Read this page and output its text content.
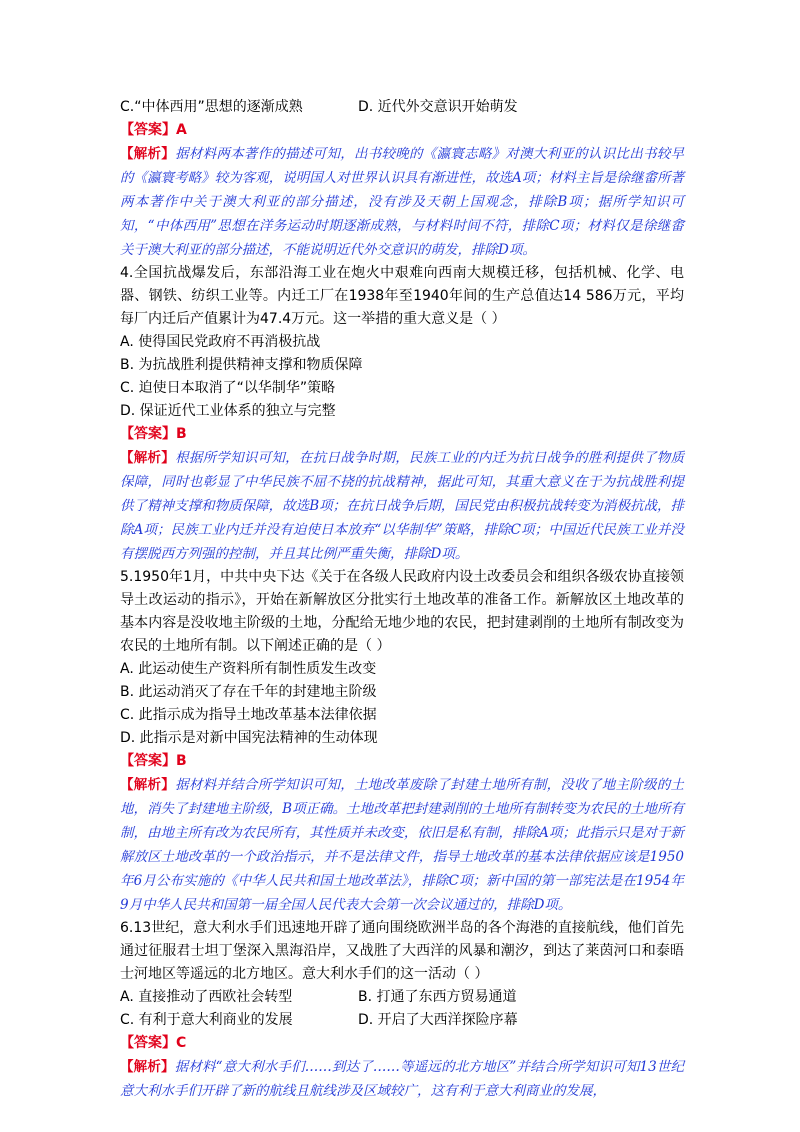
C.“中体西用”思想的逐渐成熟	D. 近代外交意识开始萌发
【答案】A

【解析】据材料两本著作的描述可知，出书较晚的《瀛寰志略》对澳大利亚的认识比出书较早的《瀛寰考略》较为客观，说明国人对世界认识具有渐进性，故选A项；材料主旨是徐继畬所著两本著作中关于澳大利亚的部分描述，没有涉及天朝上国观念，排除B项；据所学知识可知，“中体西用”思想在洋务运动时期逐渐成熟，与材料时间不符，排除C项；材料仅是徐继畬关于澳大利亚的部分描述，不能说明近代外交意识的萌发，排除D项。

4.全国抗战爆发后，东部沿海工业在炮火中艰难向西南大规模迁移，包括机械、化学、电器、钢铁、纺织工业等。内迁工厂在1938年至1940年间的生产总值达14 586万元，平均每厂内迁后产值累计为47.4万元。这一举措的重大意义是（ ）

A. 使得国民党政府不再消极抗战
B. 为抗战胜利提供精神支撑和物质保障
C. 迫使日本取消了“以华制华”策略
D. 保证近代工业体系的独立与完整
【答案】B

【解析】根据所学知识可知，在抗日战争时期，民族工业的内迁为抗日战争的胜利提供了物质保障，同时也彰显了中华民族不屈不挠的抗战精神，据此可知，其重大意义在于为抗战胜利提供了精神支撑和物质保障，故选B项；在抗日战争后期，国民党由积极抗战转变为消极抗战，排除A项；民族工业内迁并没有迫使日本放弃“以华制华”策略，排除C项；中国近代民族工业并没有摆脱西方列强的控制，并且其比例严重失衡，排除D项。

5.1950年1月，中共中央下达《关于在各级人民政府内设土改委员会和组织各级农协直接领导土改运动的指示》，开始在新解放区分批实行土地改革的准备工作。新解放区土地改革的基本内容是没收地主阶级的土地，分配给无地少地的农民，把封建剥削的土地所有制改变为农民的土地所有制。以下阐述正确的是（ ）

A. 此运动使生产资料所有制性质发生改变
B. 此运动消灭了存在千年的封建地主阶级
C. 此指示成为指导土地改革基本法律依据
D. 此指示是对新中国宪法精神的生动体现
【答案】B

【解析】据材料并结合所学知识可知，土地改革废除了封建土地所有制，没收了地主阶级的土地，消失了封建地主阶级，B项正确。土地改革把封建剥削的土地所有制转变为农民的土地所有制，由地主所有改为农民所有，其性质并未改变，依旧是私有制，排除A项；此指示只是对于新解放区土地改革的一个政治指示，并不是法律文件，指导土地改革的基本法律依据应该是1950年6月公布实施的《中华人民共和国土地改革法》，排除C项；新中国的第一部宪法是在1954年9月中华人民共和国第一届全国人民代表大会第一次会议通过的，排除D项。

6.13世纪，意大利水手们迅速地开辟了通向围绕欧洲半岛的各个海港的直接航线，他们首先通过征服君士坦丁堡深入黑海沿岸，又战胜了大西洋的风暴和潮汐，到达了莱茵河口和泰晤士河地区等遥远的北方地区。意大利水手们的这一活动（ ）

A. 直接推动了西欧社会转型	B. 打通了东西方贸易通道
C. 有利于意大利商业的发展	D. 开启了大西洋探险序幕
【答案】C

【解析】据材料“意大利水手们……到达了……等遥远的北方地区”并结合所学知识可知13世纪意大利水手们开辟了新的航线且航线涉及区域较广，这有利于意大利商业的发展，
